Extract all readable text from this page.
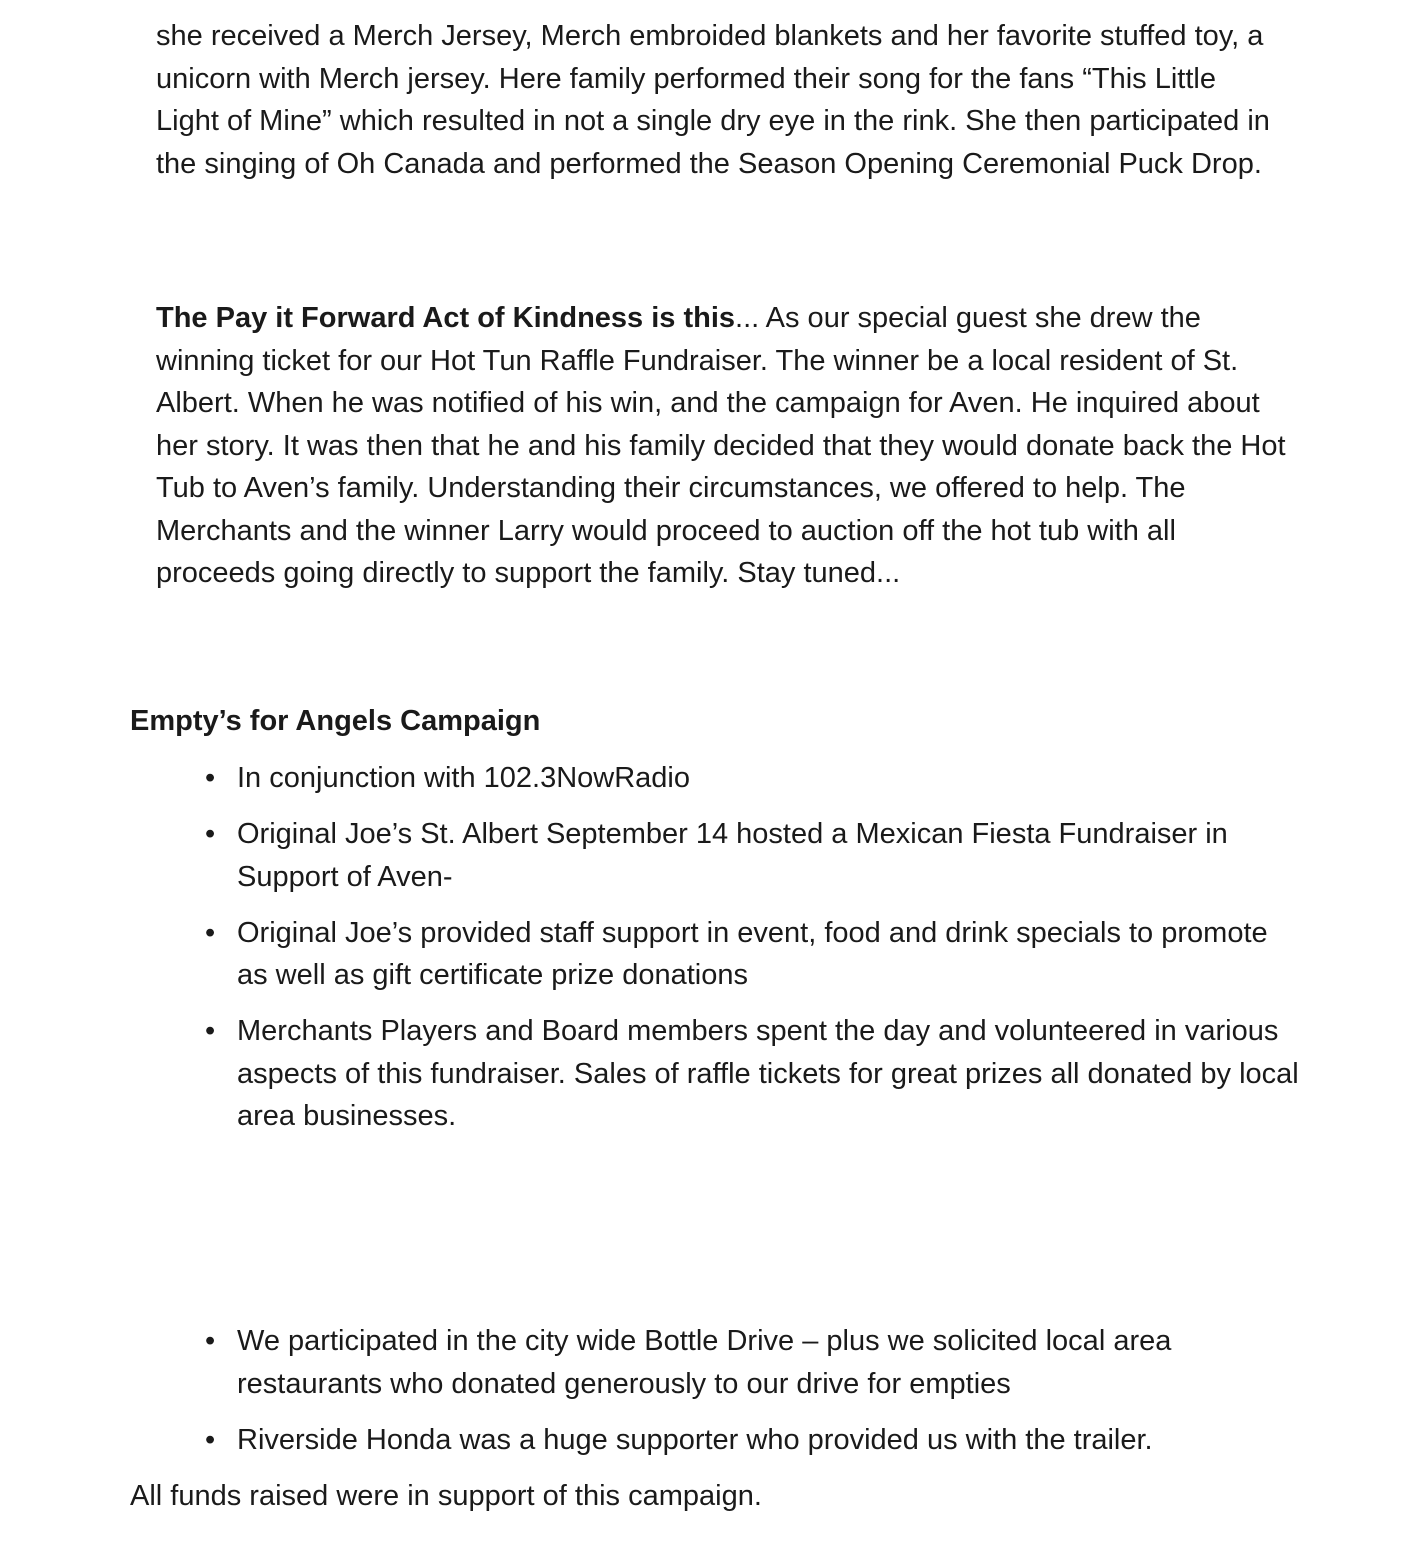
she received a Merch Jersey, Merch embroided blankets and her favorite stuffed toy, a unicorn with Merch jersey. Here family performed their song for the fans “This Little Light of Mine” which resulted in not a single dry eye in the rink. She then participated in the singing of Oh Canada and performed the Season Opening Ceremonial Puck Drop.

The Pay it Forward Act of Kindness is this... As our special guest she drew the winning ticket for our Hot Tun Raffle Fundraiser. The winner be a local resident of St. Albert. When he was notified of his win, and the campaign for Aven. He inquired about her story. It was then that he and his family decided that they would donate back the Hot Tub to Aven’s family. Understanding their circumstances, we offered to help. The Merchants and the winner Larry would proceed to auction off the hot tub with all proceeds going directly to support the family. Stay tuned...

Empty’s for Angels Campaign
• In conjunction with 102.3NowRadio
• Original Joe’s St. Albert September 14 hosted a Mexican Fiesta Fundraiser in Support of Aven-
• Original Joe’s provided staff support in event, food and drink specials to promote as well as gift certificate prize donations
• Merchants Players and Board members spent the day and volunteered in various aspects of this fundraiser. Sales of raffle tickets for great prizes all donated by local area businesses.
• We participated in the city wide Bottle Drive – plus we solicited local area restaurants who donated generously to our drive for empties
• Riverside Honda was a huge supporter who provided us with the trailer.

All funds raised were in support of this campaign.
